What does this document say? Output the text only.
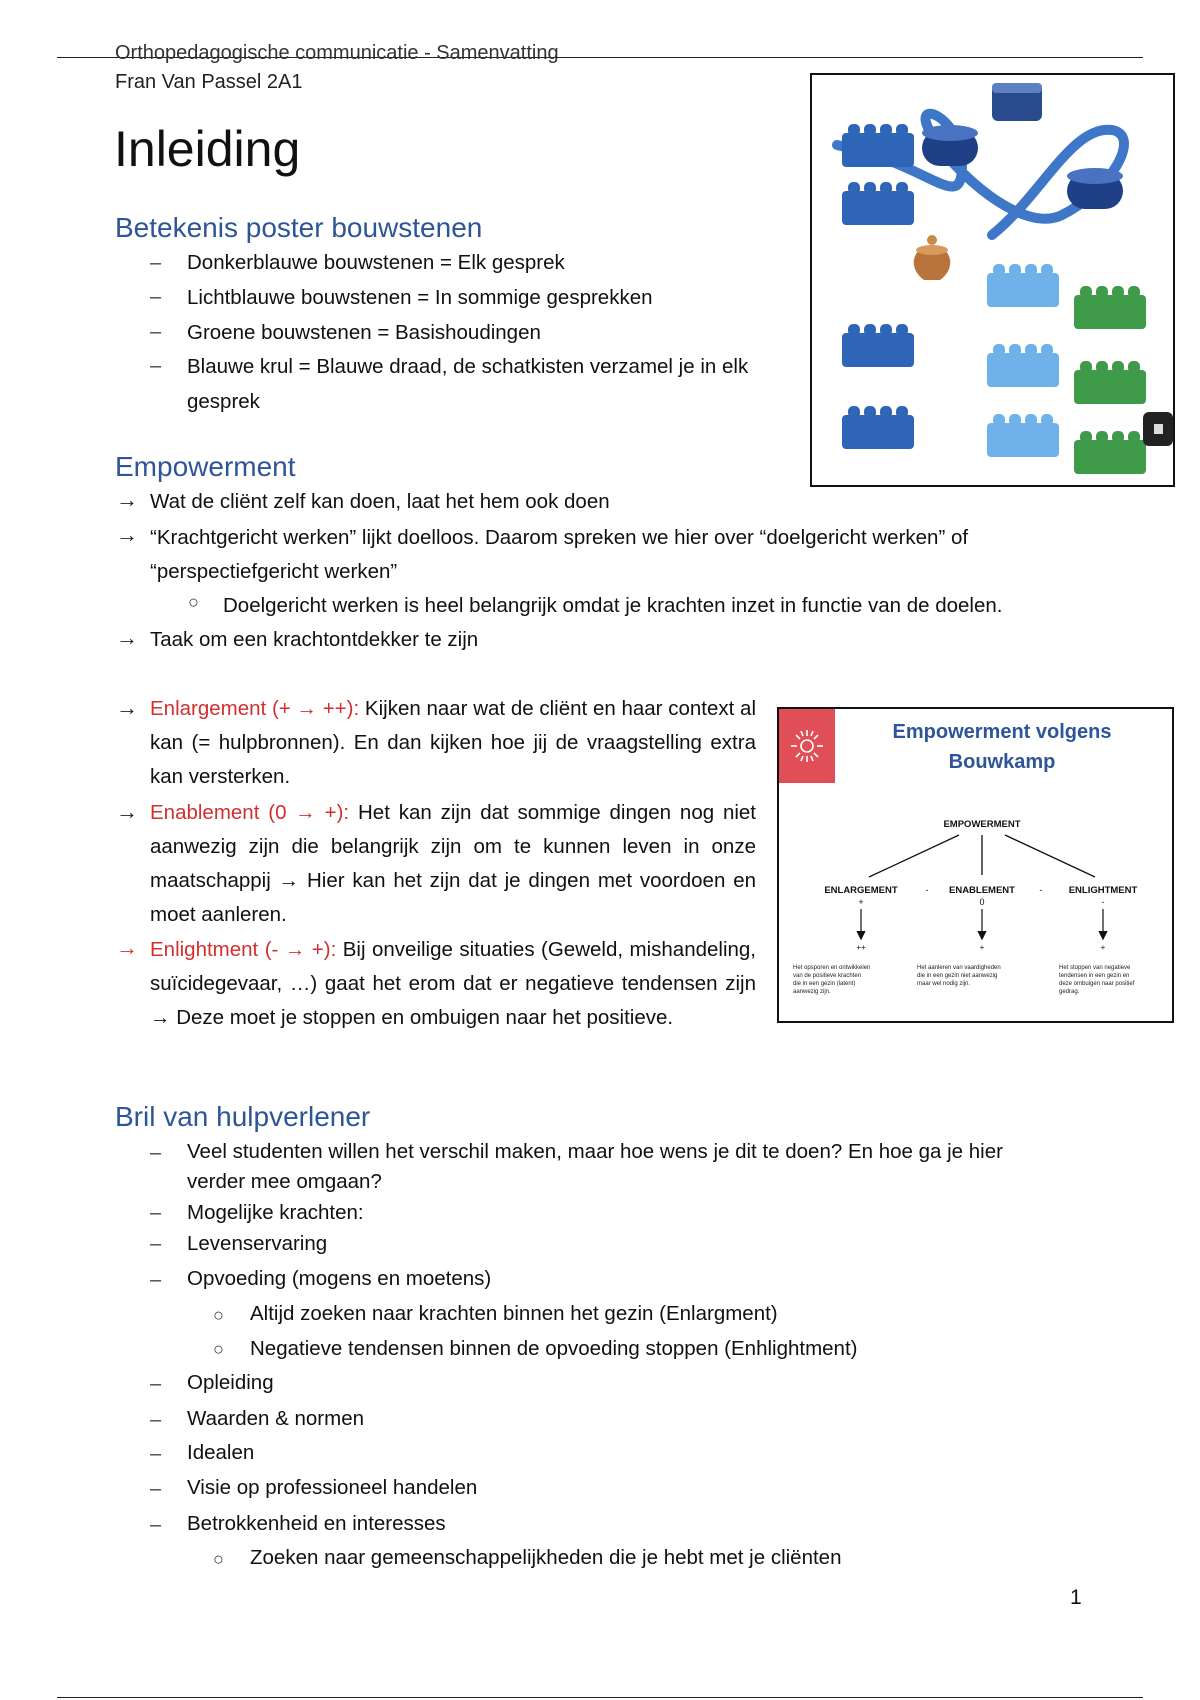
Orthopedagogische communicatie - Samenvatting
Fran Van Passel 2A1
Inleiding
Betekenis poster bouwstenen
– Donkerblauwe bouwstenen = Elk gesprek
– Lichtblauwe bouwstenen = In sommige gesprekken
– Groene bouwstenen = Basishoudingen
– Blauwe krul = Blauwe draad, de schatkisten verzamel je in elk
gesprek
Empowerment
→ Wat de cliënt zelf kan doen, laat het hem ook doen
→ “Krachtgericht werken” lijkt doelloos. Daarom spreken we hier over “doelgericht werken” of
“perspectiefgericht werken”
○ Doelgericht werken is heel belangrijk omdat je krachten inzet in functie van de doelen.
→ Taak om een krachtontdekker te zijn
→ Enlargement (+ → ++): Kijken naar wat de cliënt en haar context al kan (= hulpbronnen). En dan kijken hoe jij de vraagstelling extra kan versterken.
→ Enablement (0 → +): Het kan zijn dat sommige dingen nog niet aanwezig zijn die belangrijk zijn om te kunnen leven in onze maatschappij → Hier kan het zijn dat je dingen met voordoen en moet aanleren.
→ Enlightment (- → +): Bij onveilige situaties (Geweld, mishandeling, suïcidegevaar, …) gaat het erom dat er negatieve tendensen zijn → Deze moet je stoppen en ombuigen naar het positieve.
Empowerment volgens
Bouwkamp
EMPOWERMENT
ENLARGEMENT	- ENABLEMENT	-	ENLIGHTMENT
+	0	-
++	+	+
Het opsporen en ontwikkelen
van de positieve krachten
die in een gezin (latent)
aanwezig zijn.
Het aanleren van vaardigheden
die in een gezin niet aanwezig
maar wel nodig zijn.
Het stoppen van negatieve
tendensen in een gezin en
deze ombuigen naar positief
gedrag.
Bril van hulpverlener
– Veel studenten willen het verschil maken, maar hoe wens je dit te doen? En hoe ga je hier
verder mee omgaan?
– Mogelijke krachten:
– Levenservaring
– Opvoeding (mogens en moetens)
○ Altijd zoeken naar krachten binnen het gezin (Enlargment)
○ Negatieve tendensen binnen de opvoeding stoppen (Enhlightment)
– Opleiding
– Waarden & normen
– Idealen
– Visie op professioneel handelen
– Betrokkenheid en interesses
○ Zoeken naar gemeenschappelijkheden die je hebt met je cliënten
1
